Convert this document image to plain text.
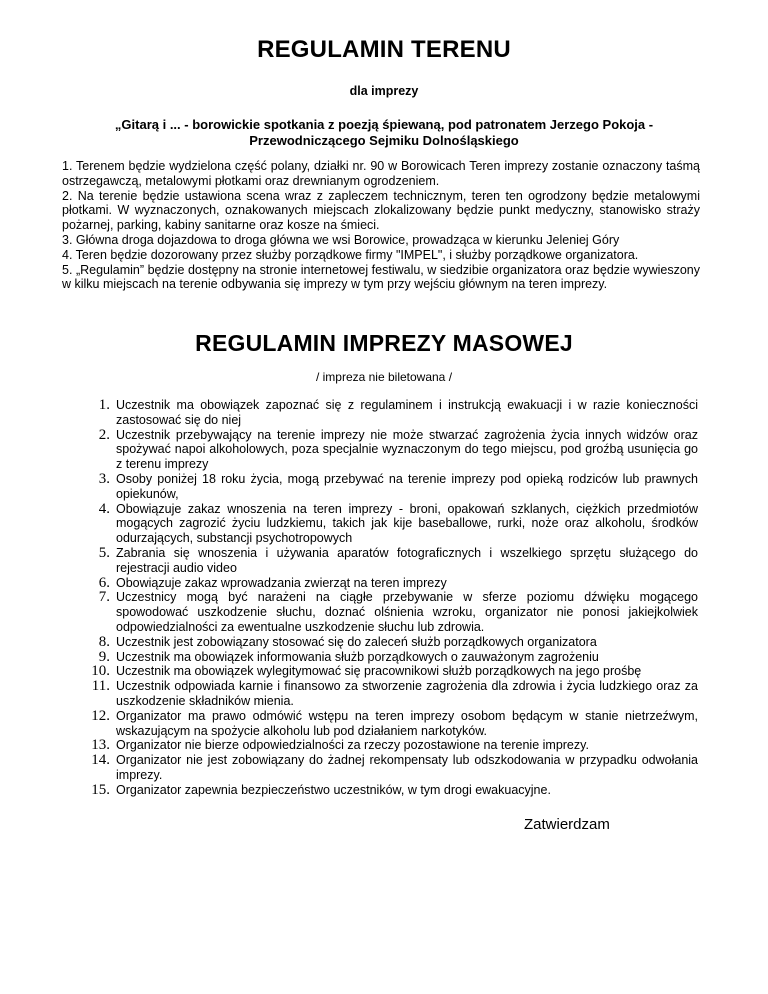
REGULAMIN TERENU
dla imprezy
„Gitarą i ... - borowickie spotkania z poezją śpiewaną, pod patronatem Jerzego Pokoja -
Przewodniczącego Sejmiku Dolnośląskiego

1. Terenem będzie wydzielona część polany, działki nr. 90 w Borowicach Teren imprezy zostanie oznaczony taśmą ostrzegawczą, metalowymi płotkami oraz drewnianym ogrodzeniem.

2. Na terenie będzie ustawiona scena wraz z zapleczem technicznym, teren ten ogrodzony będzie metalowymi płotkami. W wyznaczonych, oznakowanych miejscach zlokalizowany będzie punkt medyczny, stanowisko straży pożarnej, parking, kabiny sanitarne oraz kosze na śmieci.

3. Główna droga dojazdowa to droga główna we wsi Borowice, prowadząca w kierunku Jeleniej Góry

4. Teren będzie dozorowany przez służby porządkowe firmy "IMPEL", i służby porządkowe organizatora.

5. „Regulamin” będzie dostępny na stronie internetowej festiwalu, w siedzibie organizatora oraz będzie wywieszony w kilku miejscach na terenie odbywania się imprezy w tym przy wejściu głównym na teren imprezy.

REGULAMIN IMPREZY MASOWEJ
/ impreza nie biletowana /
1. Uczestnik ma obowiązek zapoznać się z regulaminem i instrukcją ewakuacji i w razie konieczności zastosować się do niej
2. Uczestnik przebywający na terenie imprezy nie może stwarzać zagrożenia życia innych widzów oraz spożywać napoi alkoholowych, poza specjalnie wyznaczonym do tego miejscu, pod groźbą usunięcia go z terenu imprezy
3. Osoby poniżej 18 roku życia, mogą przebywać na terenie imprezy pod opieką rodziców lub prawnych opiekunów,
4. Obowiązuje zakaz wnoszenia na teren imprezy - broni, opakowań szklanych, ciężkich przedmiotów mogących zagrozić życiu ludzkiemu, takich jak kije baseballowe, rurki, noże oraz alkoholu, środków odurzających, substancji psychotropowych
5. Zabrania się wnoszenia i używania aparatów fotograficznych i wszelkiego sprzętu służącego do rejestracji audio video
6. Obowiązuje zakaz wprowadzania zwierząt na teren imprezy
7. Uczestnicy mogą być narażeni na ciągłe przebywanie w sferze poziomu dźwięku mogącego spowodować uszkodzenie słuchu, doznać olśnienia wzroku, organizator nie ponosi jakiejkolwiek odpowiedzialności za ewentualne uszkodzenie słuchu lub zdrowia.
8. Uczestnik jest zobowiązany stosować się do zaleceń służb porządkowych organizatora
9. Uczestnik ma obowiązek informowania służb porządkowych o zauważonym zagrożeniu
10. Uczestnik ma obowiązek wylegitymować się pracownikowi służb porządkowych na jego prośbę
11. Uczestnik odpowiada karnie i finansowo za stworzenie zagrożenia dla zdrowia i życia ludzkiego oraz za uszkodzenie składników mienia.
12. Organizator ma prawo odmówić wstępu na teren imprezy osobom będącym w stanie nietrzeźwym, wskazującym na spożycie alkoholu lub pod działaniem narkotyków.
13. Organizator nie bierze odpowiedzialności za rzeczy pozostawione na terenie imprezy.
14. Organizator nie jest zobowiązany do żadnej rekompensaty lub odszkodowania w przypadku odwołania imprezy.
15. Organizator zapewnia bezpieczeństwo uczestników, w tym drogi ewakuacyjne.
Zatwierdzam
